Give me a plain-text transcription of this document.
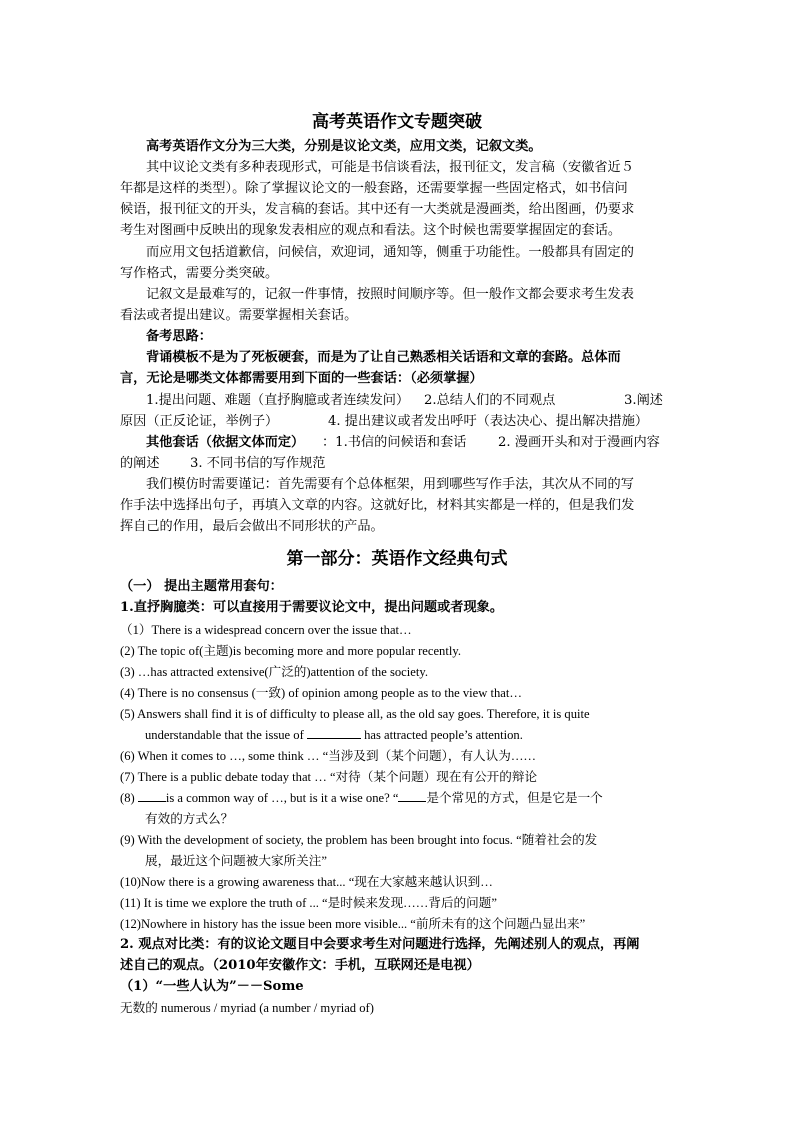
高考英语作文专题突破
高考英语作文分为三大类，分别是议论文类，应用文类，记叙文类。
其中议论文类有多种表现形式，可能是书信谈看法，报刊征文，发言稿（安徽省近５
年都是这样的类型）。除了掌握议论文的一般套路，还需要掌握一些固定格式，如书信问
候语，报刊征文的开头，发言稿的套话。其中还有一大类就是漫画类，给出图画，仍要求
考生对图画中反映出的现象发表相应的观点和看法。这个时候也需要掌握固定的套话。
而应用文包括道歉信，问候信，欢迎词，通知等，侧重于功能性。一般都具有固定的
写作格式，需要分类突破。
记叙文是最难写的，记叙一件事情，按照时间顺序等。但一般作文都会要求考生发表
看法或者提出建议。需要掌握相关套话。
备考思路：
背诵模板不是为了死板硬套，而是为了让自己熟悉相关话语和文章的套路。总体而
言，无论是哪类文体都需要用到下面的一些套话：（必须掌握）
1.提出问题、难题（直抒胸臆或者连续发问） 2.总结人们的不同观点	3.阐述
原因（正反论证，举例子）	4. 提出建议或者发出呼吁（表达决心、提出解决措施）
其他套话（依据文体而定） ：1.书信的问候语和套话 2. 漫画开头和对于漫画内容
的阐述 3. 不同书信的写作规范
我们模仿时需要谨记：首先需要有个总体框架，用到哪些写作手法，其次从不同的写
作手法中选择出句子，再填入文章的内容。这就好比，材料其实都是一样的，但是我们发
挥自己的作用，最后会做出不同形状的产品。
第一部分：英语作文经典句式
（一） 提出主题常用套句：
1.直抒胸臆类：可以直接用于需要议论文中，提出问题或者现象。
（1）There is a widespread concern over the issue that…
(2) The topic of(主题)is becoming more and more popular recently.
(3) …has attracted extensive(广泛的)attention of the society.
(4) There is no consensus (一致) of opinion among people as to the view that…
(5) Answers shall find it is of difficulty to please all, as the old say goes. Therefore, it is quite
understandable that the issue of	has attracted people’s attention.
(6) When it comes to …, some think … “当涉及到（某个问题），有人认为……
(7) There is a public debate today that … “对待（某个问题）现在有公开的辩论
(8) is a common way of …, but is it a wise one? “ 是个常见的方式，但是它是一个
有效的方式么？
(9) With the development of society, the problem has been brought into focus. “随着社会的发
展，最近这个问题被大家所关注”
(10)Now there is a growing awareness that... “现在大家越来越认识到…
(11) It is time we explore the truth of ... “是时候来发现……背后的问题”
(12)Nowhere in history has the issue been more visible... “前所未有的这个问题凸显出来”
2. 观点对比类：有的议论文题目中会要求考生对问题进行选择，先阐述别人的观点，再阐
述自己的观点。（2010年安徽作文：手机，互联网还是电视）
（1）“一些人认为”－－Some
无数的 numerous / myriad (a number / myriad of)
